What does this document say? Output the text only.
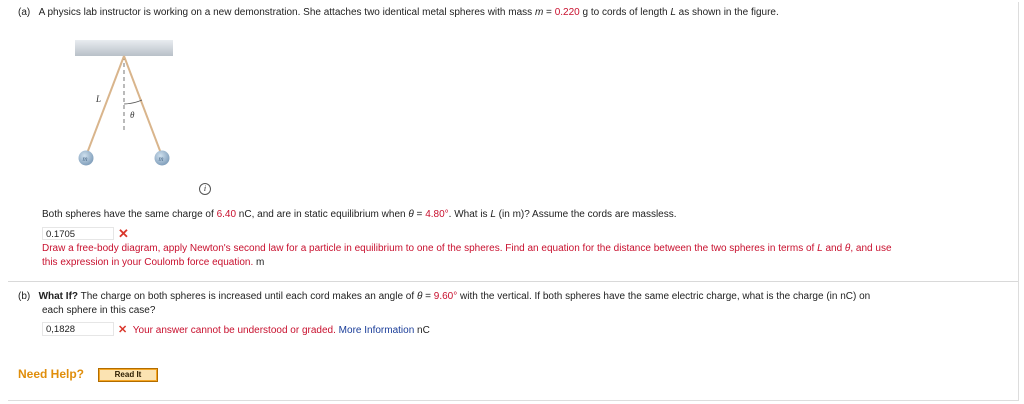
(a) A physics lab instructor is working on a new demonstration. She attaches two identical metal spheres with mass m = 0.220 g to cords of length L as shown in the figure.
L
θ
m	m
i
Both spheres have the same charge of 6.40 nC, and are in static equilibrium when θ = 4.80°. What is L (in m)? Assume the cords are massless.
0.1705	✕
Draw a free-body diagram, apply Newton's second law for a particle in equilibrium to one of the spheres. Find an equation for the distance between the two spheres in terms of L and θ, and use
this expression in your Coulomb force equation. m
(b) What If? The charge on both spheres is increased until each cord makes an angle of θ = 9.60° with the vertical. If both spheres have the same electric charge, what is the charge (in nC) on
each sphere in this case?
0,1828	✕ Your answer cannot be understood or graded. More Information nC
Need Help?	Read It
